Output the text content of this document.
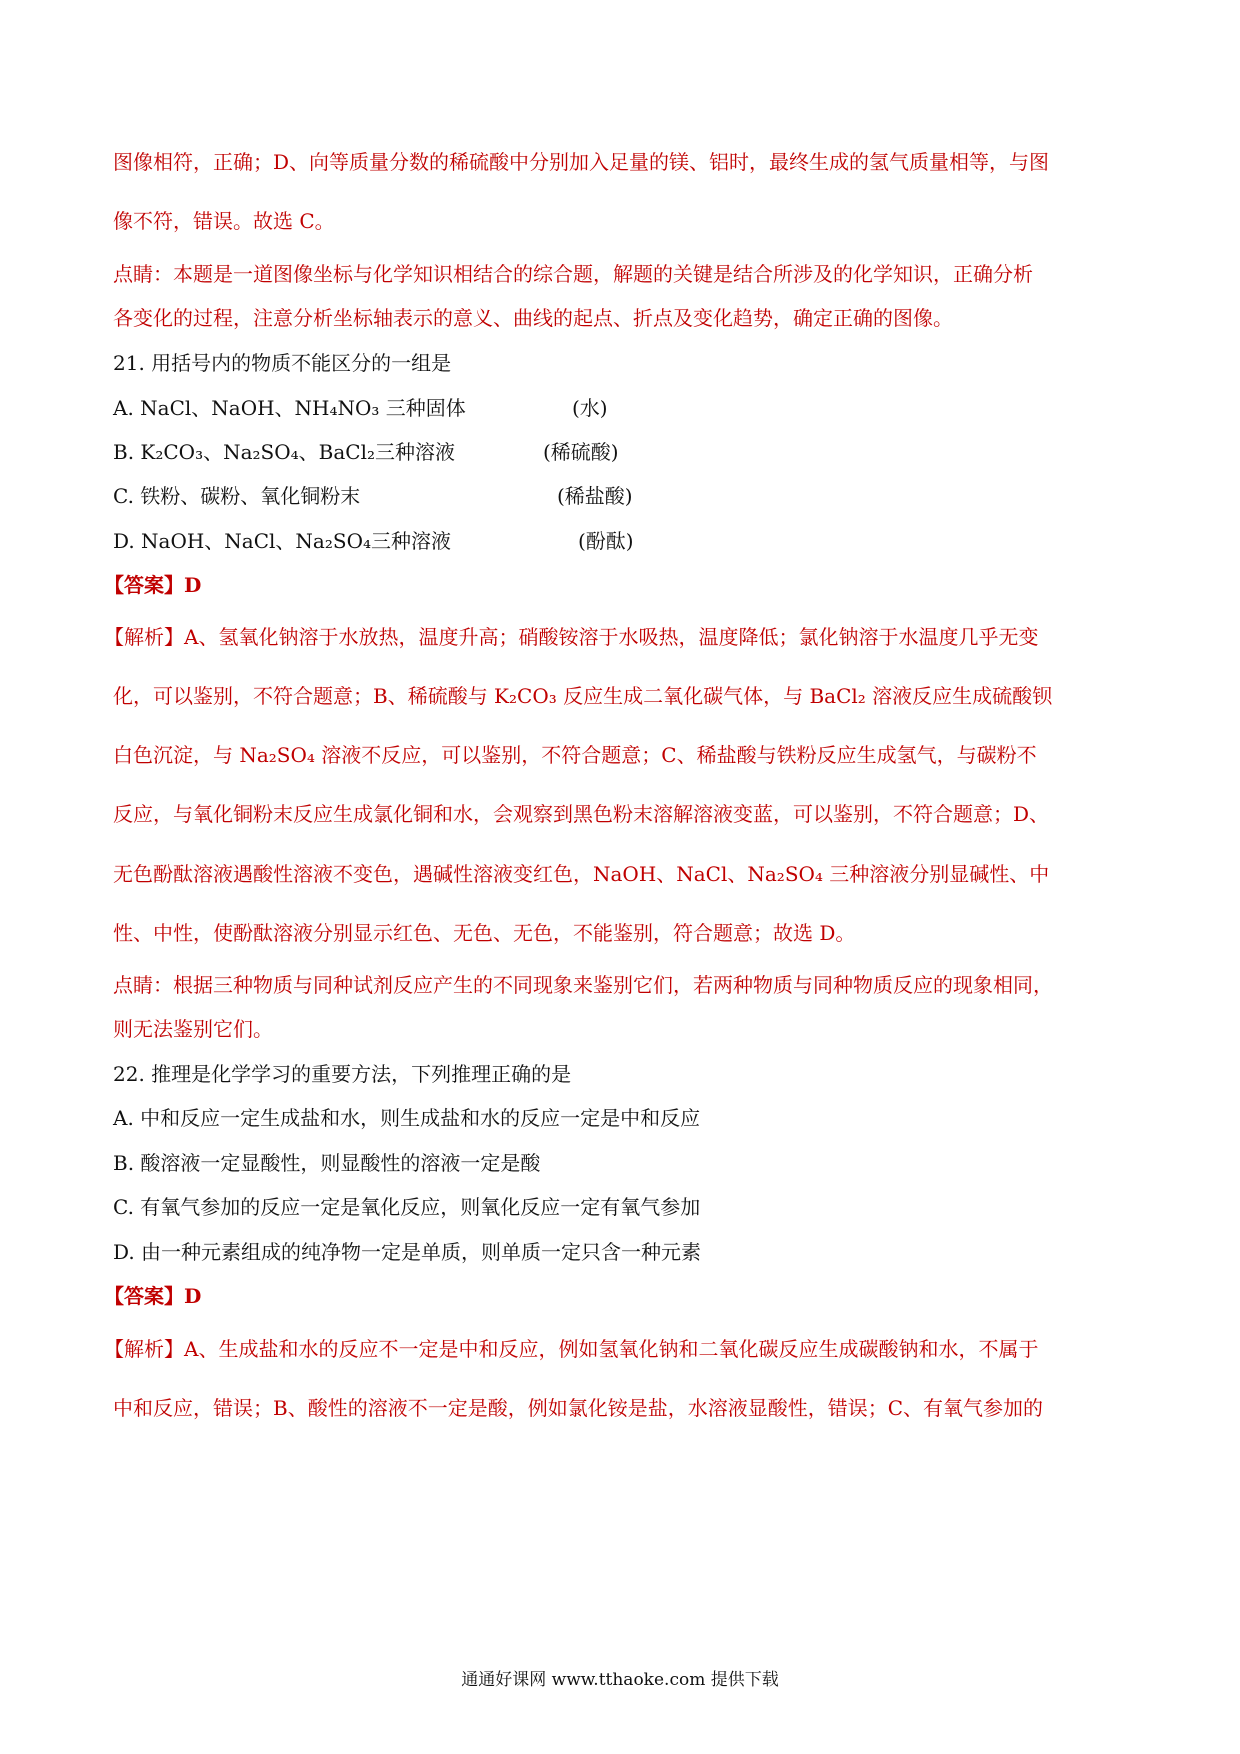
图像相符，正确；D、向等质量分数的稀硫酸中分别加入足量的镁、铝时，最终生成的氢气质量相等，与图
像不符，错误。故选 C。
点睛：本题是一道图像坐标与化学知识相结合的综合题，解题的关键是结合所涉及的化学知识，正确分析
各变化的过程，注意分析坐标轴表示的意义、曲线的起点、折点及变化趋势，确定正确的图像。
21. 用括号内的物质不能区分的一组是
A. NaCl、NaOH、NH₄NO₃ 三种固体	(水)
B. K₂CO₃、Na₂SO₄、BaCl₂三种溶液	(稀硫酸)
C. 铁粉、碳粉、氧化铜粉末	(稀盐酸)
D. NaOH、NaCl、Na₂SO₄三种溶液	(酚酞)
【答案】D
【解析】A、氢氧化钠溶于水放热，温度升高；硝酸铵溶于水吸热，温度降低；氯化钠溶于水温度几乎无变
化，可以鉴别，不符合题意；B、稀硫酸与 K₂CO₃ 反应生成二氧化碳气体，与 BaCl₂ 溶液反应生成硫酸钡
白色沉淀，与 Na₂SO₄ 溶液不反应，可以鉴别，不符合题意；C、稀盐酸与铁粉反应生成氢气，与碳粉不
反应，与氧化铜粉末反应生成氯化铜和水，会观察到黑色粉末溶解溶液变蓝，可以鉴别，不符合题意；D、
无色酚酞溶液遇酸性溶液不变色，遇碱性溶液变红色，NaOH、NaCl、Na₂SO₄ 三种溶液分别显碱性、中
性、中性，使酚酞溶液分别显示红色、无色、无色，不能鉴别，符合题意；故选 D。
点睛：根据三种物质与同种试剂反应产生的不同现象来鉴别它们，若两种物质与同种物质反应的现象相同，
则无法鉴别它们。
22. 推理是化学学习的重要方法，下列推理正确的是
A. 中和反应一定生成盐和水，则生成盐和水的反应一定是中和反应
B. 酸溶液一定显酸性，则显酸性的溶液一定是酸
C. 有氧气参加的反应一定是氧化反应，则氧化反应一定有氧气参加
D. 由一种元素组成的纯净物一定是单质，则单质一定只含一种元素
【答案】D
【解析】A、生成盐和水的反应不一定是中和反应，例如氢氧化钠和二氧化碳反应生成碳酸钠和水，不属于
中和反应，错误；B、酸性的溶液不一定是酸，例如氯化铵是盐，水溶液显酸性，错误；C、有氧气参加的
通通好课网 www.tthaoke.com 提供下载
